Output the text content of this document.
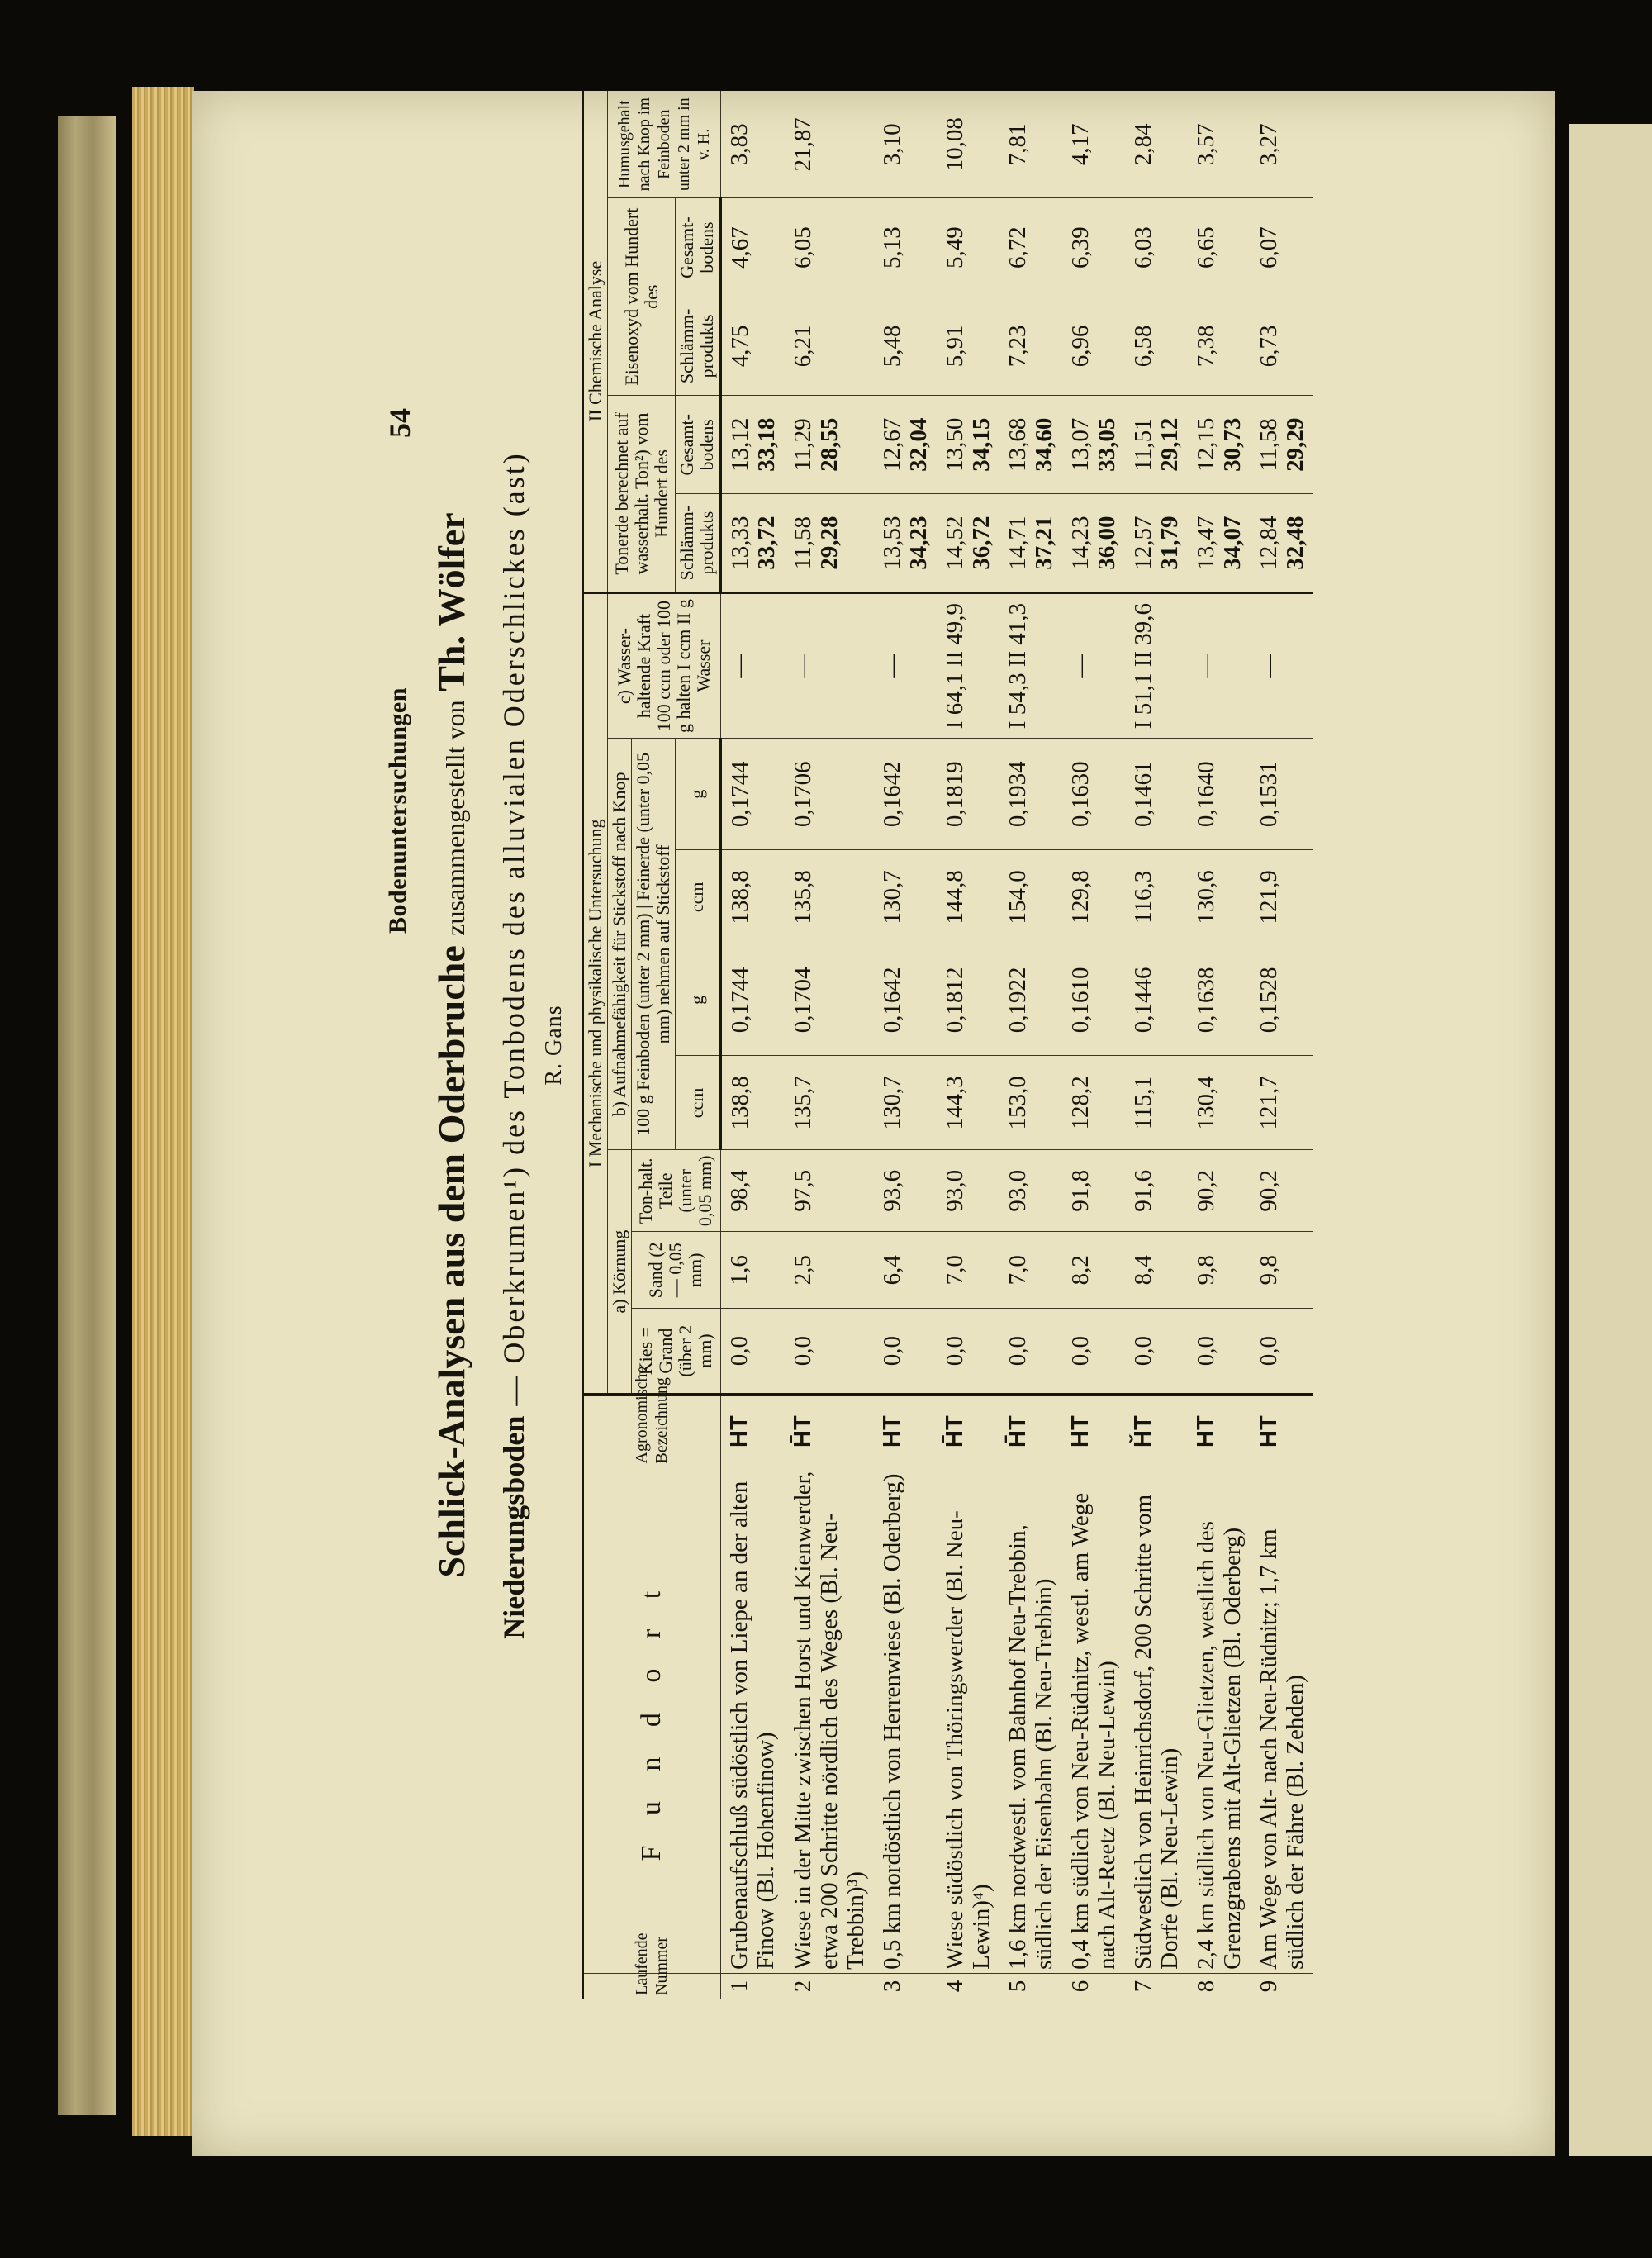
54
Bodenuntersuchungen
Schlick-Analysen aus dem Oderbruche zusammengestellt von Th. Wölfer
Niederungsboden — Oberkrumen¹) des Tonbodens des alluvialen Oderschlickes (ast) R. Gans
Laufende Nummer	F u n d o r t	Agronomische Bezeichnung	I Mechanische und physikalische Untersuchung								II Chemische Analyse				
			a) Körnung			b) Aufnahmefähigkeit für Stickstoff nach Knop				c) Wasser-haltende Kraft
100 ccm oder 100 g halten I ccm II g Wasser	Tonerde berechnet auf wasserhalt. Ton²) vom Hundert des		Eisenoxyd vom Hundert des		Humusgehalt nach Knop im Feinboden unter 2 mm in v. H.
			Kies = Grand (über 2 mm)	Sand (2— 0,05 mm)	Ton-halt. Teile (unter 0,05 mm)	100 g Feinboden (unter 2 mm) | Feinerde (unter 0,05 mm) nehmen auf Stickstoff									
						ccm	g	ccm	g		Schlämm-produkts	Gesamt-bodens	Schlämm-produkts	Gesamt-bodens	
1	Grubenaufschluß südöstlich von Liepe an der alten Finow (Bl. Hohenfinow)	HT	0,0	1,6	98,4	138,8	0,1744	138,8	0,1744	—	13,33 33,72	13,12 33,18	4,75	4,67	3,83
2	Wiese in der Mitte zwischen Horst und Kienwerder, etwa 200 Schritte nördlich des Weges (Bl. Neu-Trebbin)³)	H̄T	0,0	2,5	97,5	135,7	0,1704	135,8	0,1706	—	11,58 29,28	11,29 28,55	6,21	6,05	21,87
3	0,5 km nordöstlich von Herrenwiese (Bl. Oderberg)	HT	0,0	6,4	93,6	130,7	0,1642	130,7	0,1642	—	13,53 34,23	12,67 32,04	5,48	5,13	3,10
4	Wiese südöstlich von Thöringswerder (Bl. Neu-Lewin)⁴)	H̄T	0,0	7,0	93,0	144,3	0,1812	144,8	0,1819	I 64,1 II 49,9	14,52 36,72	13,50 34,15	5,91	5,49	10,08
5	1,6 km nordwestl. vom Bahnhof Neu-Trebbin, südlich der Eisenbahn (Bl. Neu-Trebbin)	H̄T	0,0	7,0	93,0	153,0	0,1922	154,0	0,1934	I 54,3 II 41,3	14,71 37,21	13,68 34,60	7,23	6,72	7,81
6	0,4 km südlich von Neu-Rüdnitz, westl. am Wege nach Alt-Reetz (Bl. Neu-Lewin)	HT	0,0	8,2	91,8	128,2	0,1610	129,8	0,1630	—	14,23 36,00	13,07 33,05	6,96	6,39	4,17
7	Südwestlich von Heinrichsdorf, 200 Schritte vom Dorfe (Bl. Neu-Lewin)	ȞT	0,0	8,4	91,6	115,1	0,1446	116,3	0,1461	I 51,1 II 39,6	12,57 31,79	11,51 29,12	6,58	6,03	2,84
8	2,4 km südlich von Neu-Glietzen, westlich des Grenzgrabens mit Alt-Glietzen (Bl. Oderberg)	HT	0,0	9,8	90,2	130,4	0,1638	130,6	0,1640	—	13,47 34,07	12,15 30,73	7,38	6,65	3,57
9	Am Wege von Alt- nach Neu-Rüdnitz; 1,7 km südlich der Fähre (Bl. Zehden)	HT	0,0	9,8	90,2	121,7	0,1528	121,9	0,1531	—	12,84 32,48	11,58 29,29	6,73	6,07	3,27
